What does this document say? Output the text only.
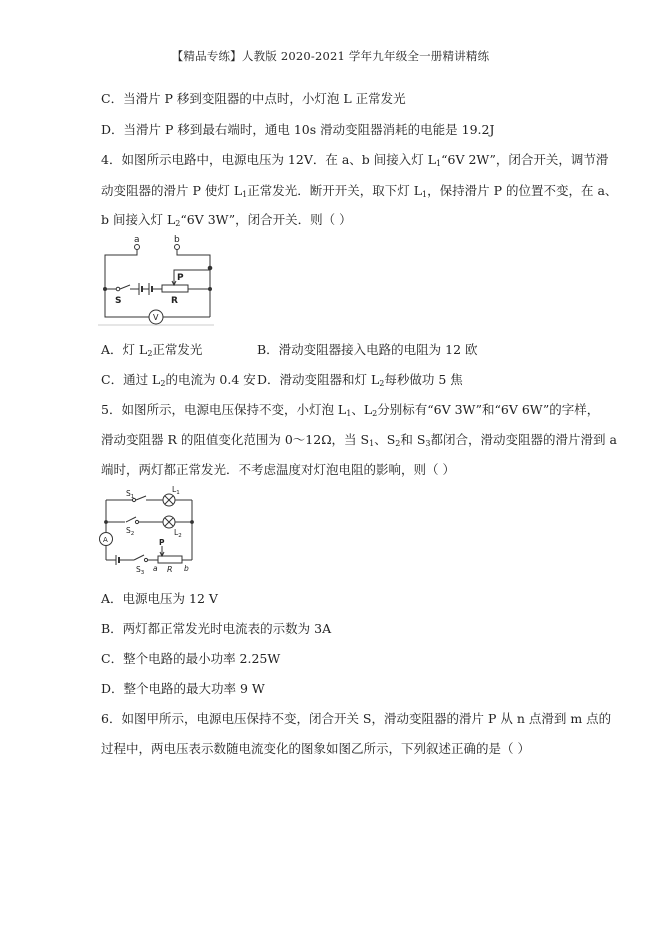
【精品专练】人教版 2020-2021 学年九年级全一册精讲精练
C．当滑片 P 移到变阻器的中点时，小灯泡 L 正常发光
D．当滑片 P 移到最右端时，通电 10s 滑动变阻器消耗的电能是 19.2J
4．如图所示电路中，电源电压为 12V．在 a、b 间接入灯 $L_1“6V$ 2W”，闭合开关，调节滑
动变阻器的滑片 P 使灯 $L_1$正常发光．断开开关，取下灯 $L_1$，保持滑片 P 的位置不变，在 a、
b 间接入灯 $L_2“6V$ 3W”，闭合开关．则（ ）
a	b
P
S	R
V
A．灯 $L_2$正常发光	B．滑动变阻器接入电路的电阻为 12 欧
C．通过 $L_2$的电流为 0.4 安 D．滑动变阻器和灯 $L_2$每秒做功 5 焦
5．如图所示，电源电压保持不变，小灯泡 $L_1$、$L_2$分别标有“6V 3W”和“6V 6W”的字样，
滑动变阻器 R 的阻值变化范围为 0～12Ω，当 $S_1$、$S_2$和 $S_3$都闭合，滑动变阻器的滑片滑到 a
端时，两灯都正常发光．不考虑温度对灯泡电阻的影响，则（ ）
$S_1$
$L_1$
$S_2$	$L_2$
A
$S_3$
P
a R b
A．电源电压为 12 V
B．两灯都正常发光时电流表的示数为 3A
C．整个电路的最小功率 2.25W
D．整个电路的最大功率 9 W
6．如图甲所示，电源电压保持不变，闭合开关 S，滑动变阻器的滑片 P 从 n 点滑到 m 点的
过程中，两电压表示数随电流变化的图象如图乙所示，下列叙述正确的是（ ）
